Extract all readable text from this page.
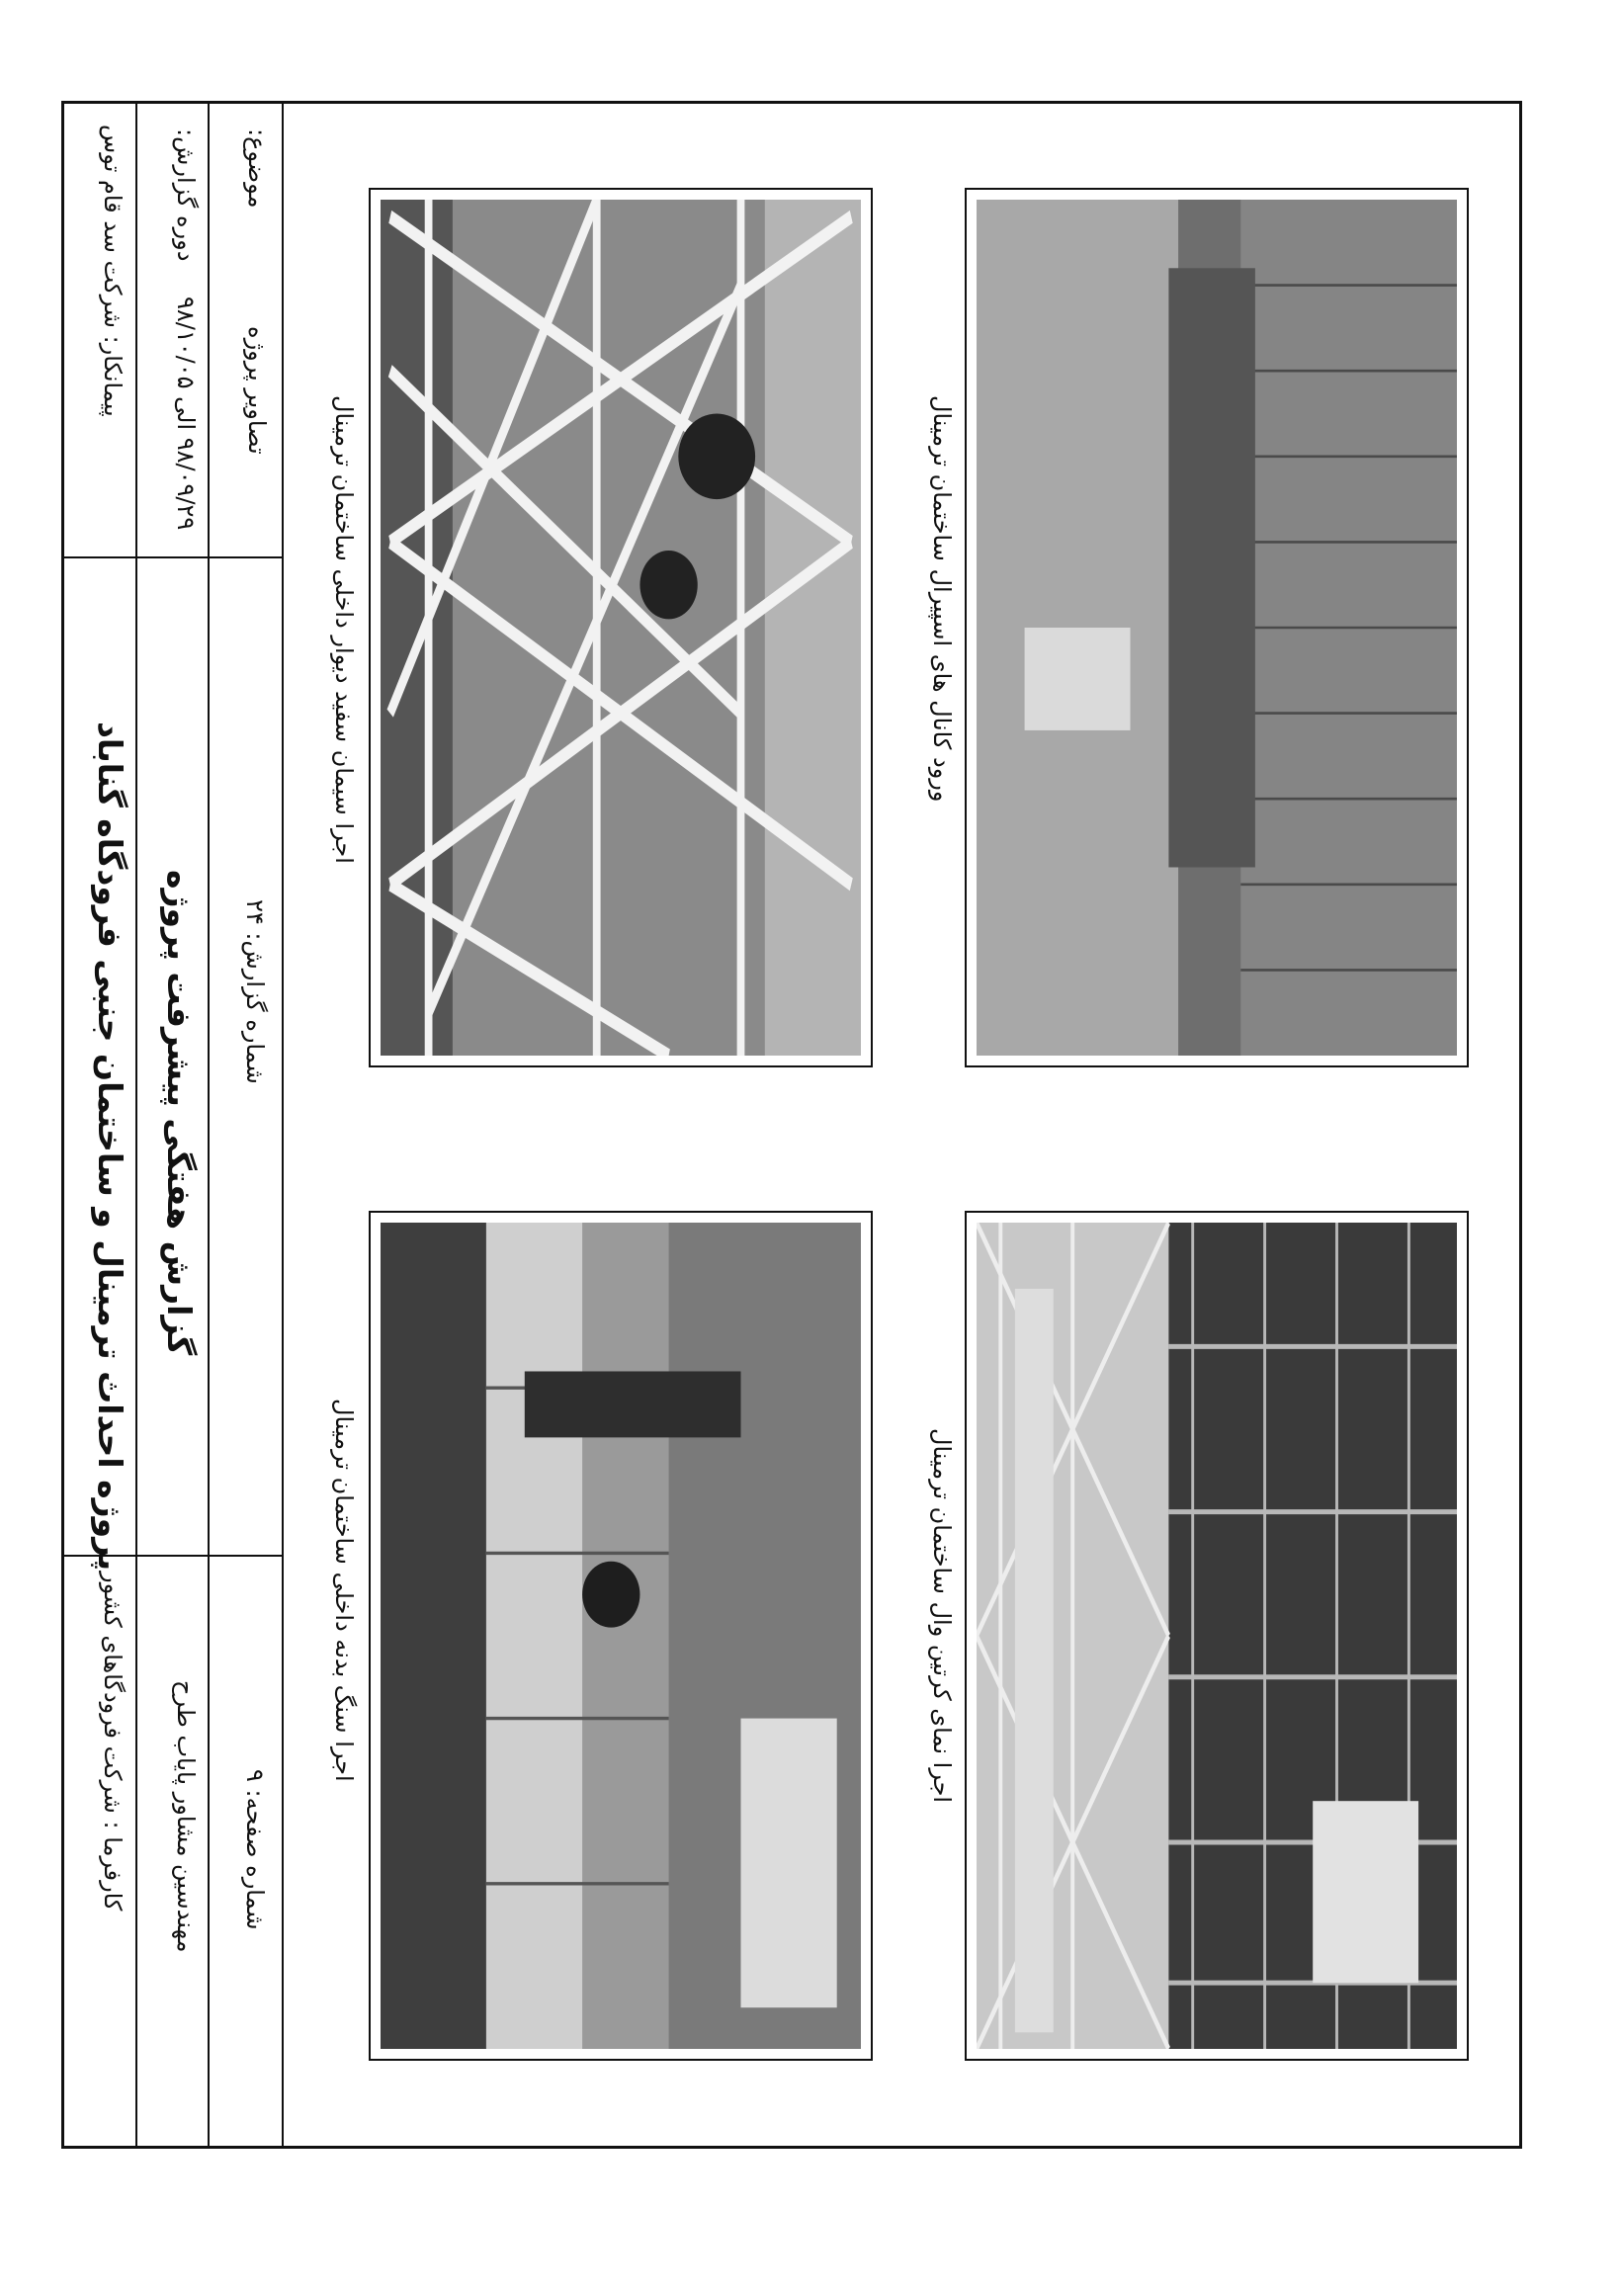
پیمانکار: شرکت سد قام توس دوره گزارش:
۹۸/۰۹/۲۹ الی ۹۸/۱۰/۰۵
موضوع:
تصاویر پروژه
پروژه احداث ترمینال و ساختمان جنبی فرودگاه گناباد گزارش هفتگی پیشرفت پروژه شماره گزارش: ۲۴
کارفرما : شرکت فرودگاهای کشور مهندسین مشاور پایاب طرح شماره صفحه: ۹
اجرا سیمان سفید دیوار داخلی ساختمان ترمینال
اجرا سنگ بدنه داخلی ساختمان ترمینال
ورود کانال های اسپیرال ساختمان ترمینال
اجرا نمای کرتین وال ساختمان ترمینال
